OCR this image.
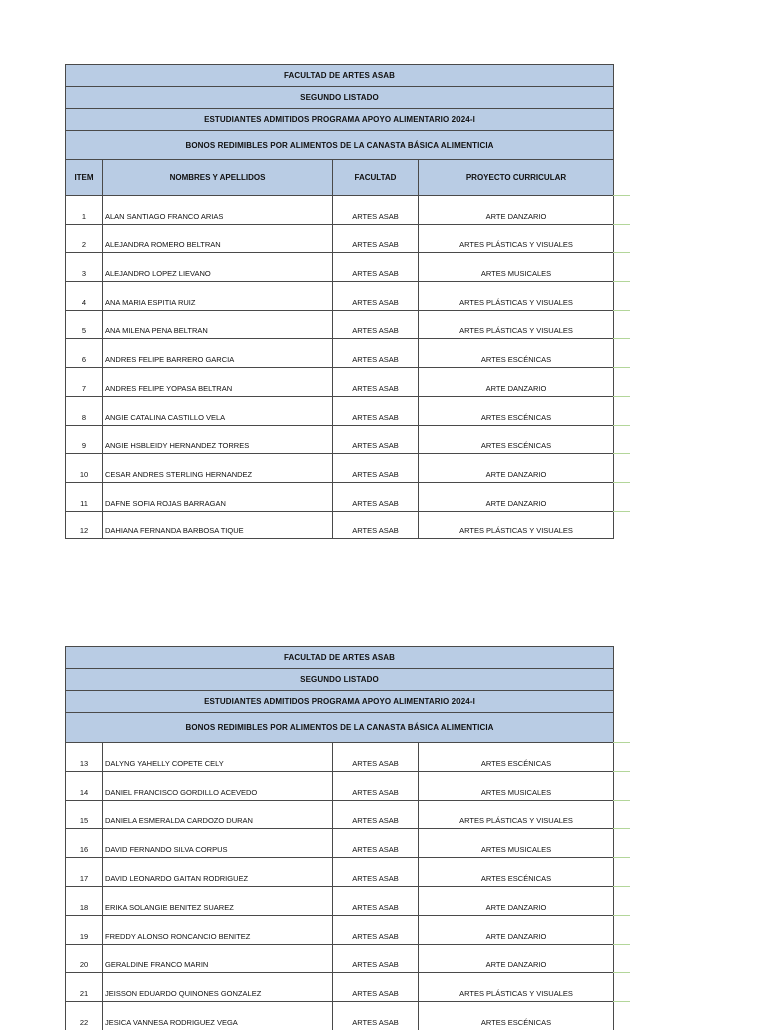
FACULTAD DE ARTES ASAB
SEGUNDO LISTADO
ESTUDIANTES ADMITIDOS PROGRAMA APOYO ALIMENTARIO 2024-I
BONOS REDIMIBLES POR ALIMENTOS DE LA CANASTA BÁSICA ALIMENTICIA
ITEM	NOMBRES Y APELLIDOS	FACULTAD	PROYECTO CURRICULAR
1	ALAN SANTIAGO FRANCO ARIAS	ARTES ASAB	ARTE DANZARIO
2	ALEJANDRA ROMERO BELTRAN	ARTES ASAB	ARTES PLÁSTICAS Y VISUALES
3	ALEJANDRO LOPEZ LIEVANO	ARTES ASAB	ARTES MUSICALES
4	ANA MARIA ESPITIA RUIZ	ARTES ASAB	ARTES PLÁSTICAS Y VISUALES
5	ANA MILENA PENA BELTRAN	ARTES ASAB	ARTES PLÁSTICAS Y VISUALES
6	ANDRES FELIPE BARRERO GARCIA	ARTES ASAB	ARTES ESCÉNICAS
7	ANDRES FELIPE YOPASA BELTRAN	ARTES ASAB	ARTE DANZARIO
8	ANGIE CATALINA CASTILLO VELA	ARTES ASAB	ARTES ESCÉNICAS
9	ANGIE HSBLEIDY HERNANDEZ TORRES	ARTES ASAB	ARTES ESCÉNICAS
10	CESAR ANDRES STERLING HERNANDEZ	ARTES ASAB	ARTE DANZARIO
11	DAFNE SOFIA ROJAS BARRAGAN	ARTES ASAB	ARTE DANZARIO
12	DAHIANA FERNANDA BARBOSA TIQUE	ARTES ASAB	ARTES PLÁSTICAS Y VISUALES
FACULTAD DE ARTES ASAB
SEGUNDO LISTADO
ESTUDIANTES ADMITIDOS PROGRAMA APOYO ALIMENTARIO 2024-I
BONOS REDIMIBLES POR ALIMENTOS DE LA CANASTA BÁSICA ALIMENTICIA
13	DALYNG YAHELLY COPETE CELY	ARTES ASAB	ARTES ESCÉNICAS
14	DANIEL FRANCISCO GORDILLO ACEVEDO	ARTES ASAB	ARTES MUSICALES
15	DANIELA ESMERALDA CARDOZO DURAN	ARTES ASAB	ARTES PLÁSTICAS Y VISUALES
16	DAVID FERNANDO SILVA CORPUS	ARTES ASAB	ARTES MUSICALES
17	DAVID LEONARDO GAITAN RODRIGUEZ	ARTES ASAB	ARTES ESCÉNICAS
18	ERIKA SOLANGIE BENITEZ SUAREZ	ARTES ASAB	ARTE DANZARIO
19	FREDDY ALONSO RONCANCIO BENITEZ	ARTES ASAB	ARTE DANZARIO
20	GERALDINE FRANCO MARIN	ARTES ASAB	ARTE DANZARIO
21	JEISSON EDUARDO QUINONES GONZALEZ	ARTES ASAB	ARTES PLÁSTICAS Y VISUALES
22	JESICA VANNESA RODRIGUEZ VEGA	ARTES ASAB	ARTES ESCÉNICAS
